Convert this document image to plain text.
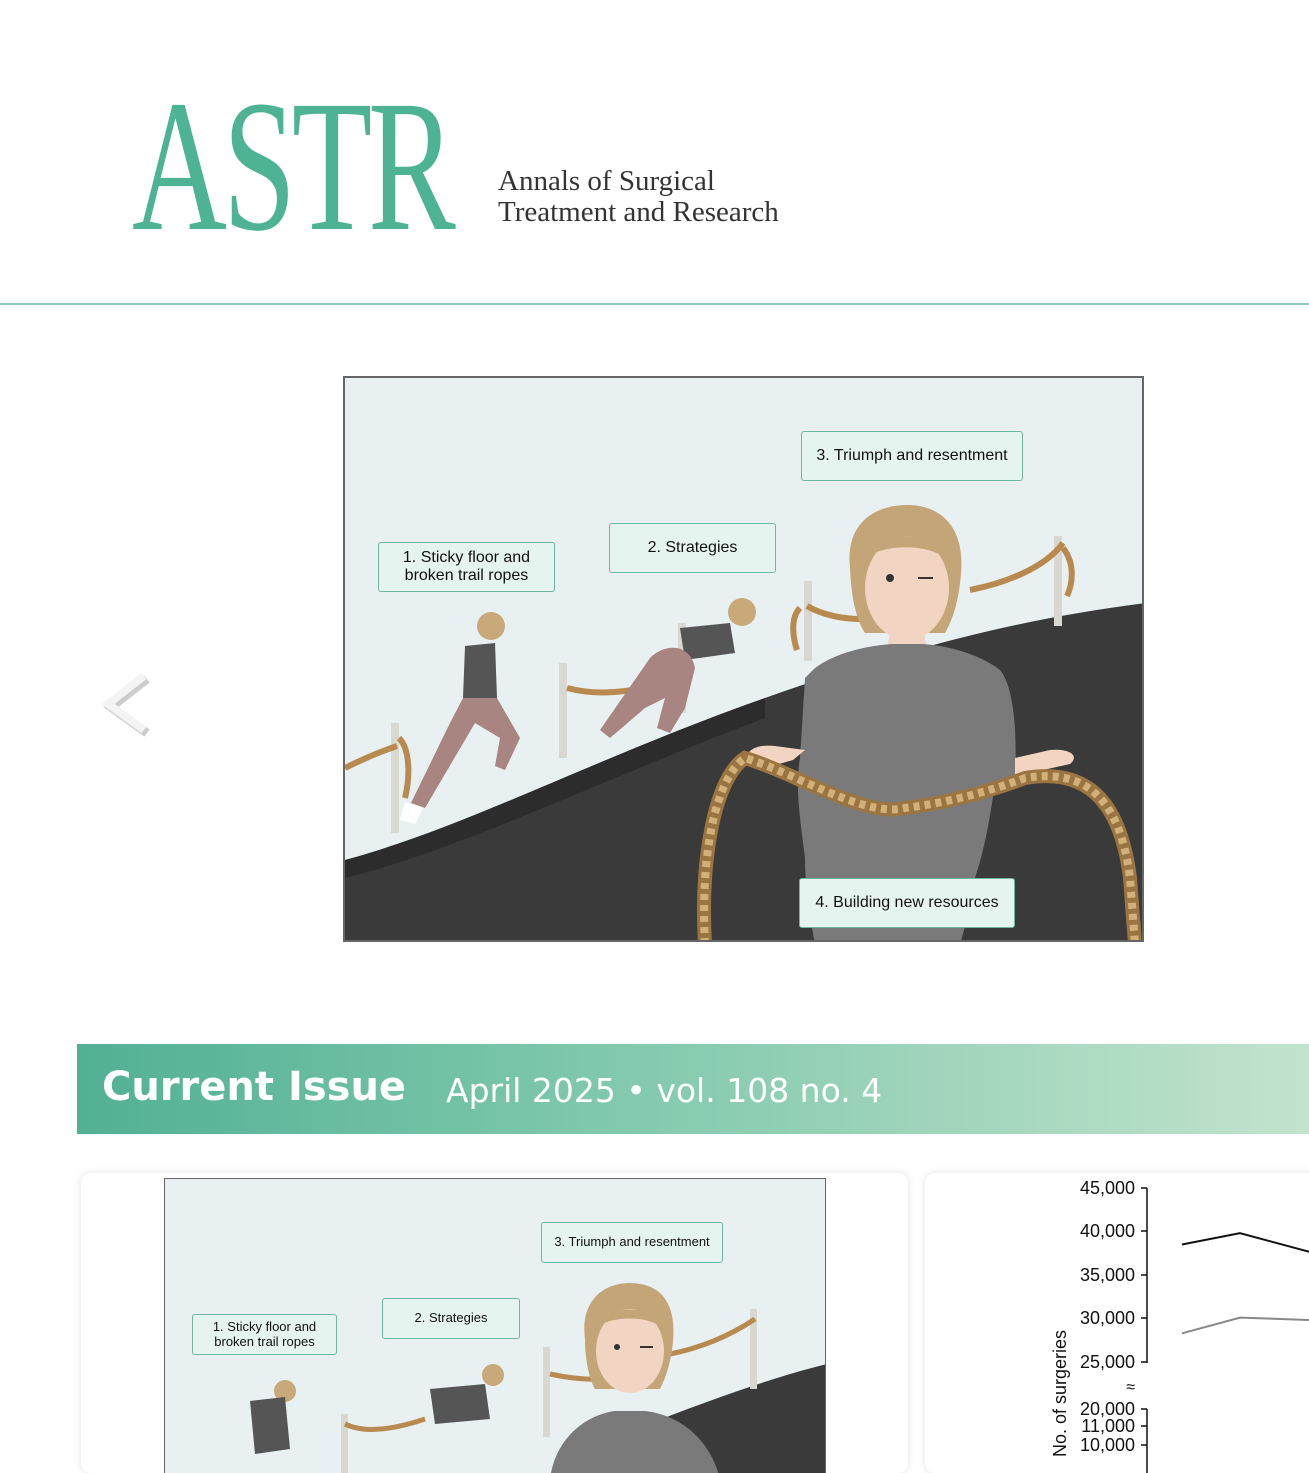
ASTR Annals of Surgical
Treatment and Research
1. Sticky floor and
broken trail ropes
2. Strategies
3. Triumph and resentment
4. Building new resources
Current Issue April 2025 • vol. 108 no. 4
1. Sticky floor and
broken trail ropes
2. Strategies
3. Triumph and resentment
No. of surgeries
45,000
40,000
35,000
30,000
25,000
≈
20,000
11,000
10,000
